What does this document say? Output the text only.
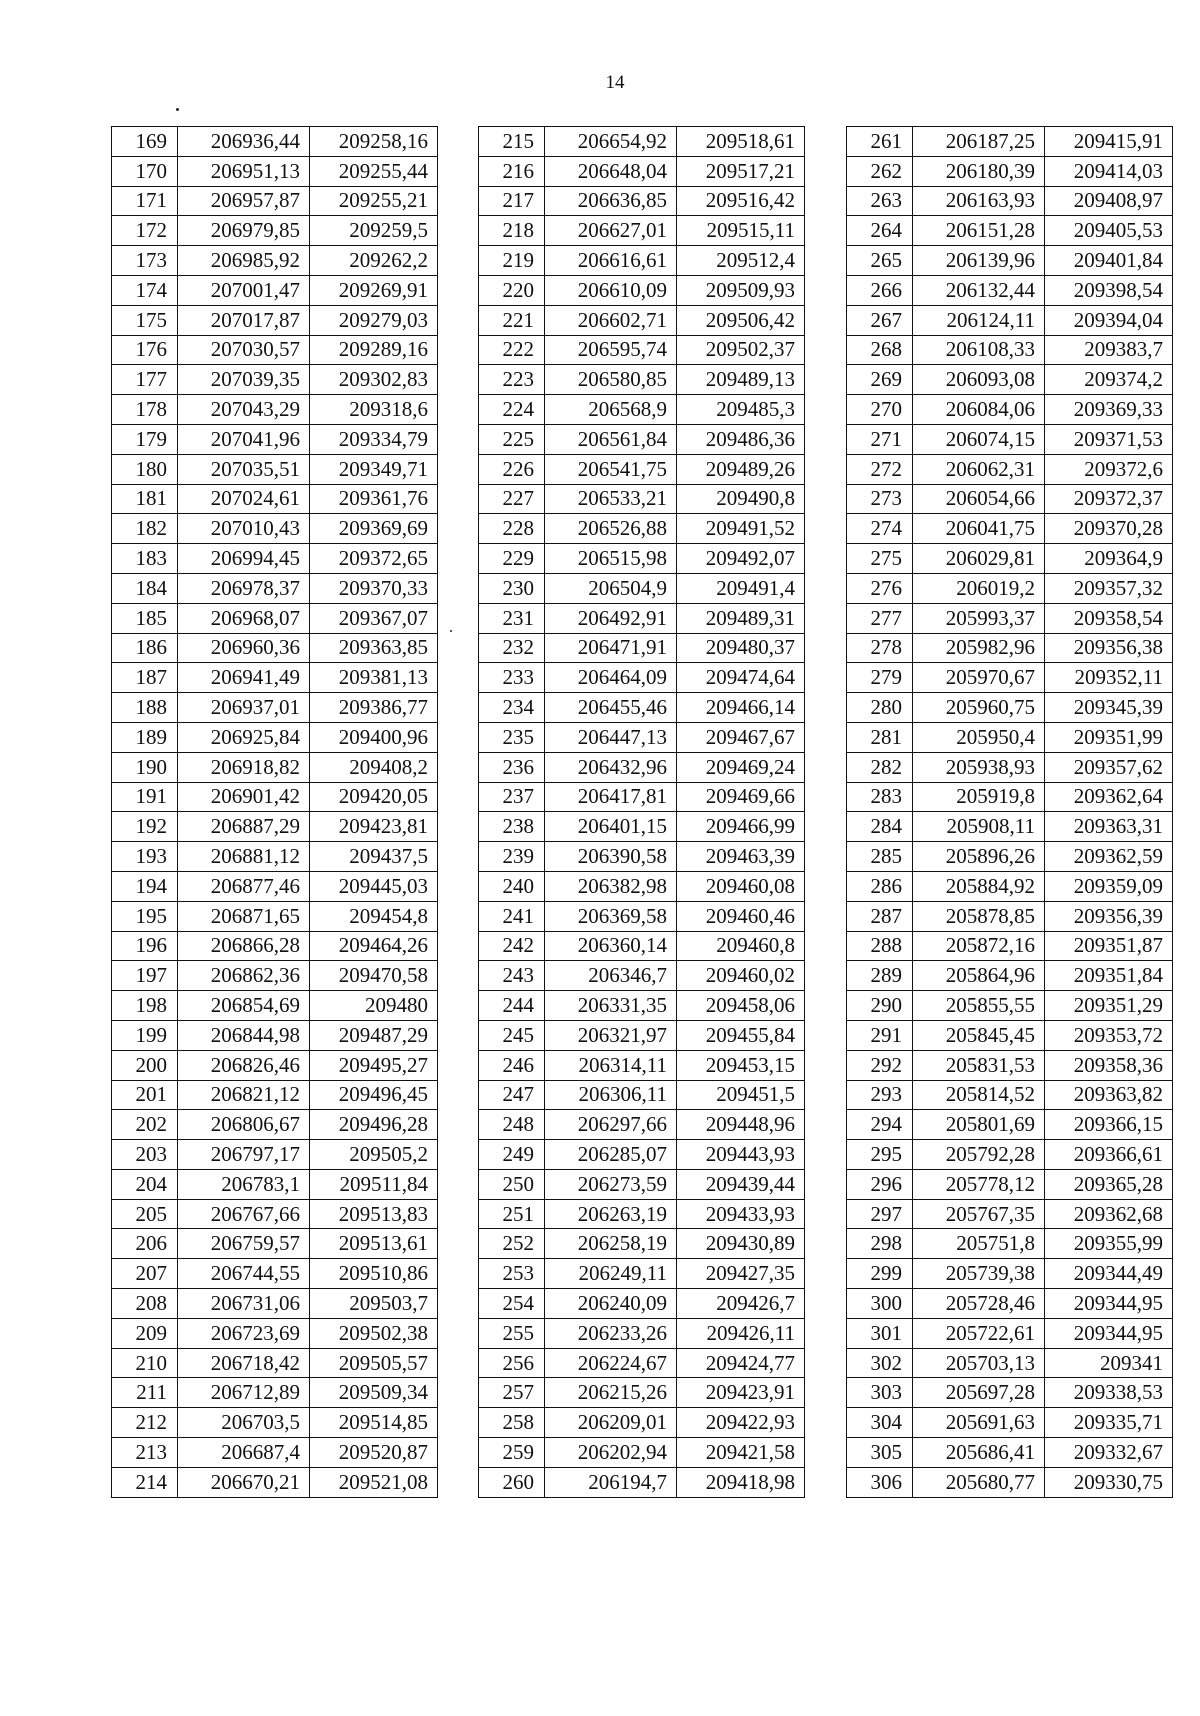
14
169	206936,44	209258,16
170	206951,13	209255,44
171	206957,87	209255,21
172	206979,85	209259,5
173	206985,92	209262,2
174	207001,47	209269,91
175	207017,87	209279,03
176	207030,57	209289,16
177	207039,35	209302,83
178	207043,29	209318,6
179	207041,96	209334,79
180	207035,51	209349,71
181	207024,61	209361,76
182	207010,43	209369,69
183	206994,45	209372,65
184	206978,37	209370,33
185	206968,07	209367,07
186	206960,36	209363,85
187	206941,49	209381,13
188	206937,01	209386,77
189	206925,84	209400,96
190	206918,82	209408,2
191	206901,42	209420,05
192	206887,29	209423,81
193	206881,12	209437,5
194	206877,46	209445,03
195	206871,65	209454,8
196	206866,28	209464,26
197	206862,36	209470,58
198	206854,69	209480
199	206844,98	209487,29
200	206826,46	209495,27
201	206821,12	209496,45
202	206806,67	209496,28
203	206797,17	209505,2
204	206783,1	209511,84
205	206767,66	209513,83
206	206759,57	209513,61
207	206744,55	209510,86
208	206731,06	209503,7
209	206723,69	209502,38
210	206718,42	209505,57
211	206712,89	209509,34
212	206703,5	209514,85
213	206687,4	209520,87
214	206670,21	209521,08
215	206654,92	209518,61
216	206648,04	209517,21
217	206636,85	209516,42
218	206627,01	209515,11
219	206616,61	209512,4
220	206610,09	209509,93
221	206602,71	209506,42
222	206595,74	209502,37
223	206580,85	209489,13
224	206568,9	209485,3
225	206561,84	209486,36
226	206541,75	209489,26
227	206533,21	209490,8
228	206526,88	209491,52
229	206515,98	209492,07
230	206504,9	209491,4
231	206492,91	209489,31
232	206471,91	209480,37
233	206464,09	209474,64
234	206455,46	209466,14
235	206447,13	209467,67
236	206432,96	209469,24
237	206417,81	209469,66
238	206401,15	209466,99
239	206390,58	209463,39
240	206382,98	209460,08
241	206369,58	209460,46
242	206360,14	209460,8
243	206346,7	209460,02
244	206331,35	209458,06
245	206321,97	209455,84
246	206314,11	209453,15
247	206306,11	209451,5
248	206297,66	209448,96
249	206285,07	209443,93
250	206273,59	209439,44
251	206263,19	209433,93
252	206258,19	209430,89
253	206249,11	209427,35
254	206240,09	209426,7
255	206233,26	209426,11
256	206224,67	209424,77
257	206215,26	209423,91
258	206209,01	209422,93
259	206202,94	209421,58
260	206194,7	209418,98
261	206187,25	209415,91
262	206180,39	209414,03
263	206163,93	209408,97
264	206151,28	209405,53
265	206139,96	209401,84
266	206132,44	209398,54
267	206124,11	209394,04
268	206108,33	209383,7
269	206093,08	209374,2
270	206084,06	209369,33
271	206074,15	209371,53
272	206062,31	209372,6
273	206054,66	209372,37
274	206041,75	209370,28
275	206029,81	209364,9
276	206019,2	209357,32
277	205993,37	209358,54
278	205982,96	209356,38
279	205970,67	209352,11
280	205960,75	209345,39
281	205950,4	209351,99
282	205938,93	209357,62
283	205919,8	209362,64
284	205908,11	209363,31
285	205896,26	209362,59
286	205884,92	209359,09
287	205878,85	209356,39
288	205872,16	209351,87
289	205864,96	209351,84
290	205855,55	209351,29
291	205845,45	209353,72
292	205831,53	209358,36
293	205814,52	209363,82
294	205801,69	209366,15
295	205792,28	209366,61
296	205778,12	209365,28
297	205767,35	209362,68
298	205751,8	209355,99
299	205739,38	209344,49
300	205728,46	209344,95
301	205722,61	209344,95
302	205703,13	209341
303	205697,28	209338,53
304	205691,63	209335,71
305	205686,41	209332,67
306	205680,77	209330,75
